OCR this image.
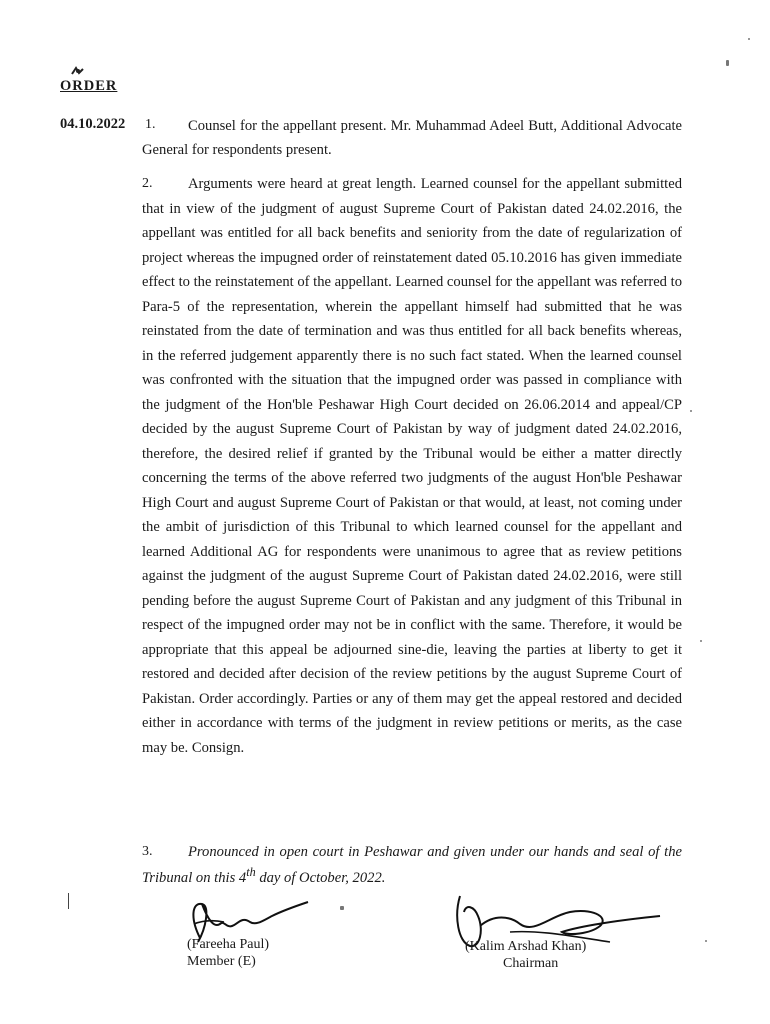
ORDER
04.10.2022 1.	Counsel for the appellant present. Mr. Muhammad Adeel Butt, Additional Advocate General for respondents present.
2.	Arguments were heard at great length. Learned counsel for the appellant submitted that in view of the judgment of august Supreme Court of Pakistan dated 24.02.2016, the appellant was entitled for all back benefits and seniority from the date of regularization of project whereas the impugned order of reinstatement dated 05.10.2016 has given immediate effect to the reinstatement of the appellant. Learned counsel for the appellant was referred to Para-5 of the representation, wherein the appellant himself had submitted that he was reinstated from the date of termination and was thus entitled for all back benefits whereas, in the referred judgement apparently there is no such fact stated. When the learned counsel was confronted with the situation that the impugned order was passed in compliance with the judgment of the Hon'ble Peshawar High Court decided on 26.06.2014 and appeal/CP decided by the august Supreme Court of Pakistan by way of judgment dated 24.02.2016, therefore, the desired relief if granted by the Tribunal would be either a matter directly concerning the terms of the above referred two judgments of the august Hon'ble Peshawar High Court and august Supreme Court of Pakistan or that would, at least, not coming under the ambit of jurisdiction of this Tribunal to which learned counsel for the appellant and learned Additional AG for respondents were unanimous to agree that as review petitions against the judgment of the august Supreme Court of Pakistan dated 24.02.2016, were still pending before the august Supreme Court of Pakistan and any judgment of this Tribunal in respect of the impugned order may not be in conflict with the same. Therefore, it would be appropriate that this appeal be adjourned sine-die, leaving the parties at liberty to get it restored and decided after decision of the review petitions by the august Supreme Court of Pakistan. Order accordingly. Parties or any of them may get the appeal restored and decided either in accordance with terms of the judgment in review petitions or merits, as the case may be. Consign.
3.	Pronounced in open court in Peshawar and given under our hands and seal of the Tribunal on this 4th day of October, 2022.
(Fareeha Paul)
Member (E)
(Kalim Arshad Khan)
Chairman
